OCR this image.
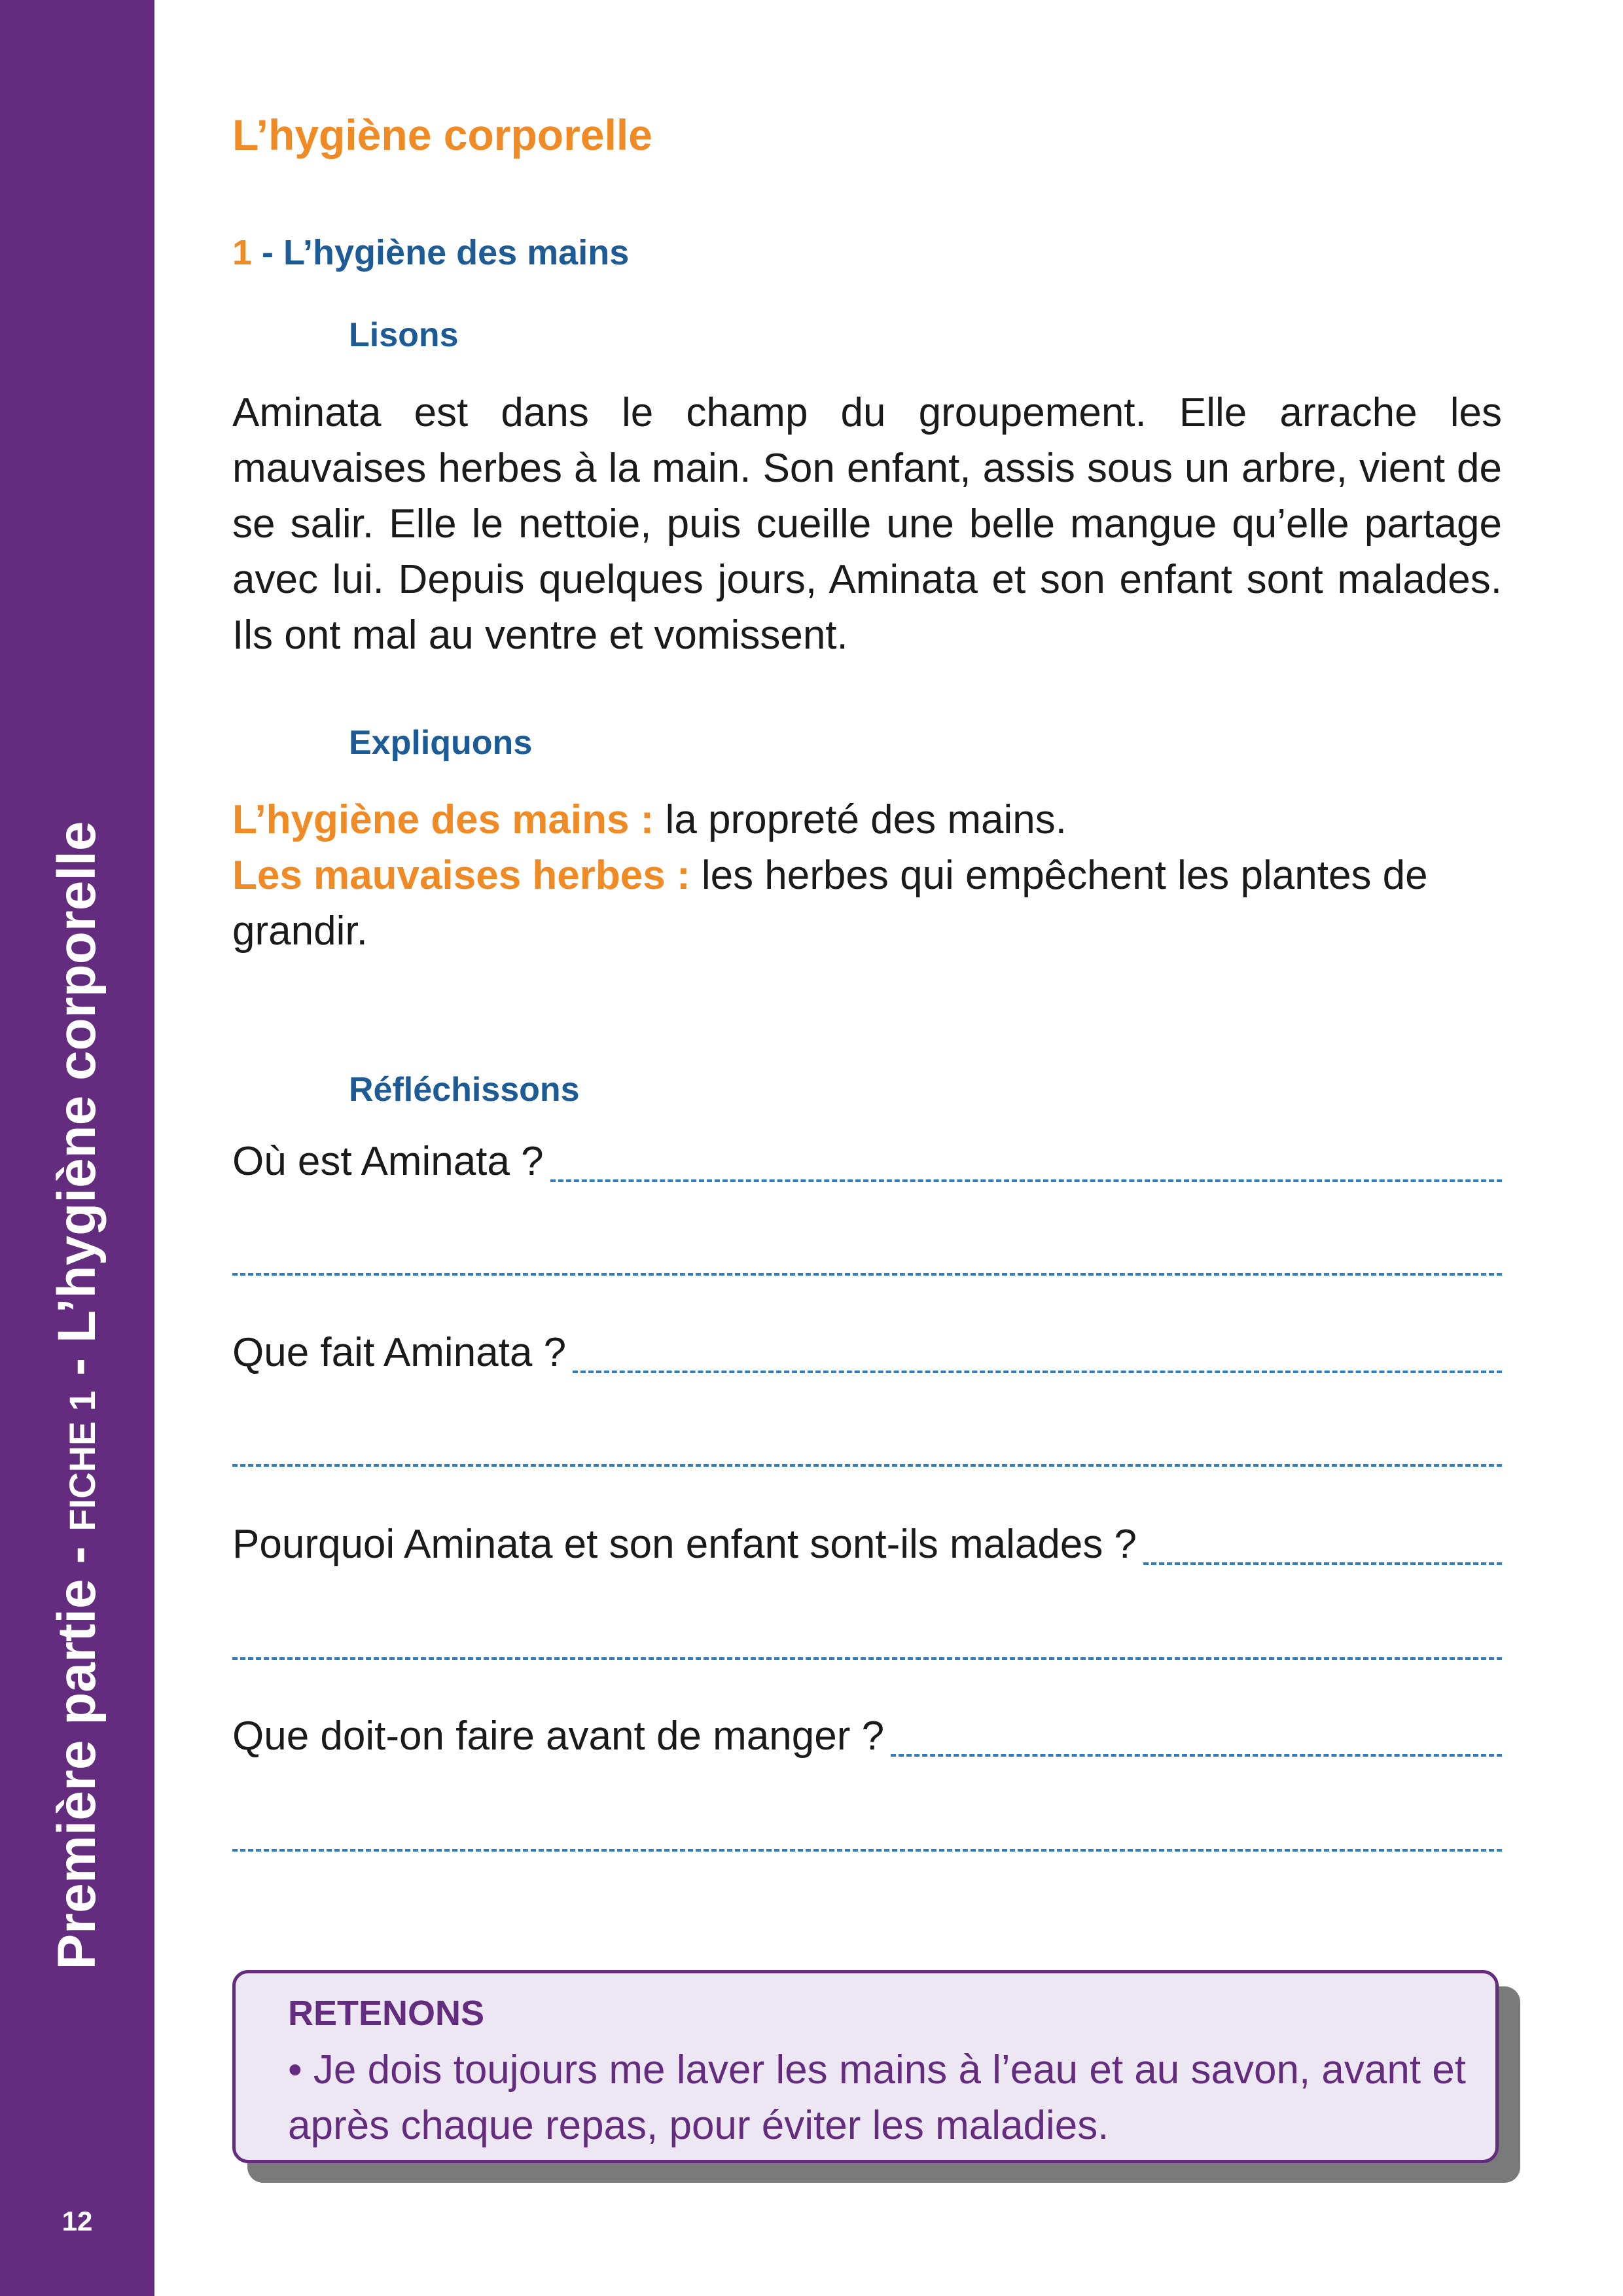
Première partie - FICHE 1 - L’hygiène corporelle
12
L’hygiène corporelle
1 - L’hygiène des mains
Lisons

Aminata est dans le champ du groupement. Elle arrache les mauvaises herbes à la main. Son enfant, assis sous un arbre, vient de se salir. Elle le nettoie, puis cueille une belle mangue qu’elle partage avec lui. Depuis quelques jours, Aminata et son enfant sont malades. Ils ont mal au ventre et vomissent.

Expliquons

L’hygiène des mains : la propreté des mains.
Les mauvaises herbes : les herbes qui empêchent les plantes de grandir.

Réfléchissons
Où est Aminata ?
Que fait Aminata ?
Pourquoi Aminata et son enfant sont-ils malades ?
Que doit-on faire avant de manger ?
RETENONS

• Je dois toujours me laver les mains à l’eau et au savon, avant et après chaque repas, pour éviter les maladies.
